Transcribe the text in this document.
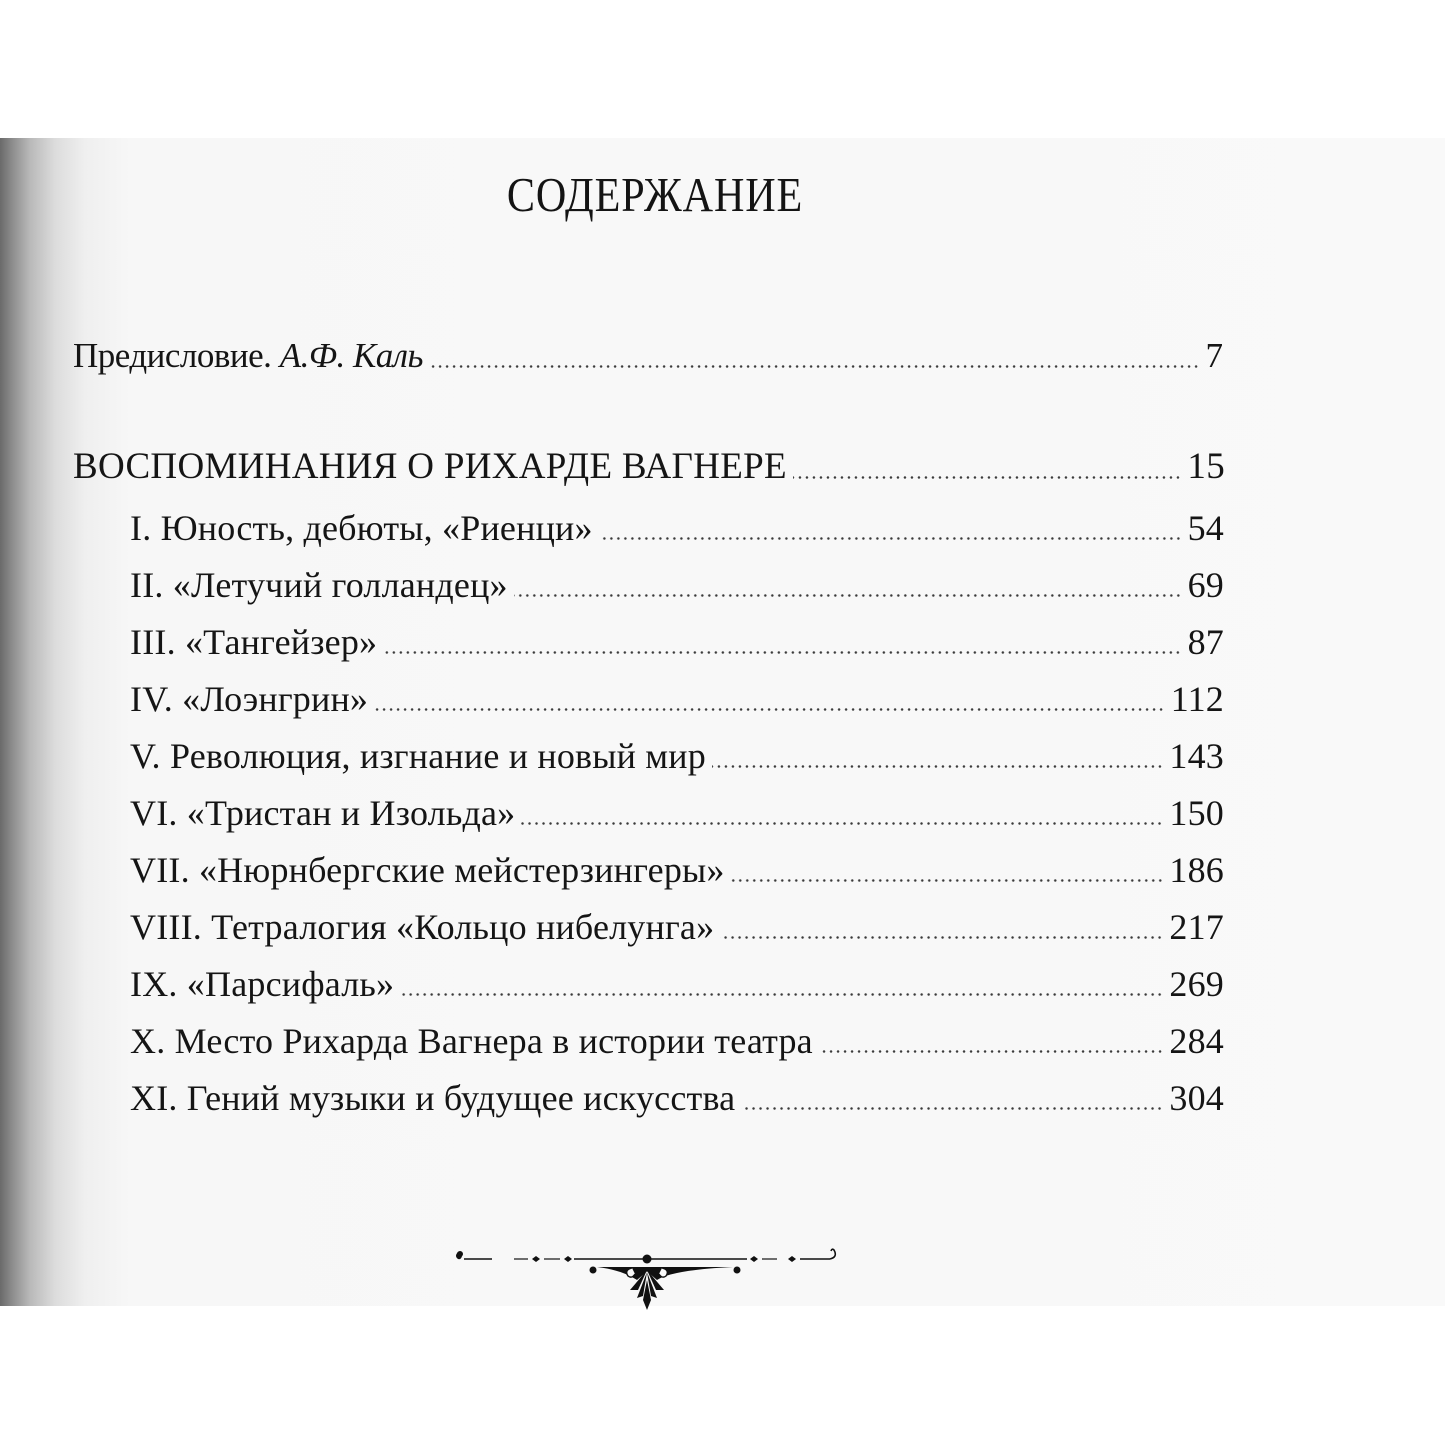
СОДЕРЖАНИЕ
Предисловие. А.Ф. Каль	7
ВОСПОМИНАНИЯ О РИХАРДЕ ВАГНЕРЕ	15
I. Юность, дебюты, «Риенци»	54
II. «Летучий голландец»	69
III. «Тангейзер»	87
IV. «Лоэнгрин»	112
V. Революция, изгнание и новый мир	143
VI. «Тристан и Изольда»	150
VII. «Нюрнбергские мейстерзингеры»	186
VIII. Тетралогия «Кольцо нибелунга»	217
IX. «Парсифаль»	269
X. Место Рихарда Вагнера в истории театра	284
XI. Гений музыки и будущее искусства	304
